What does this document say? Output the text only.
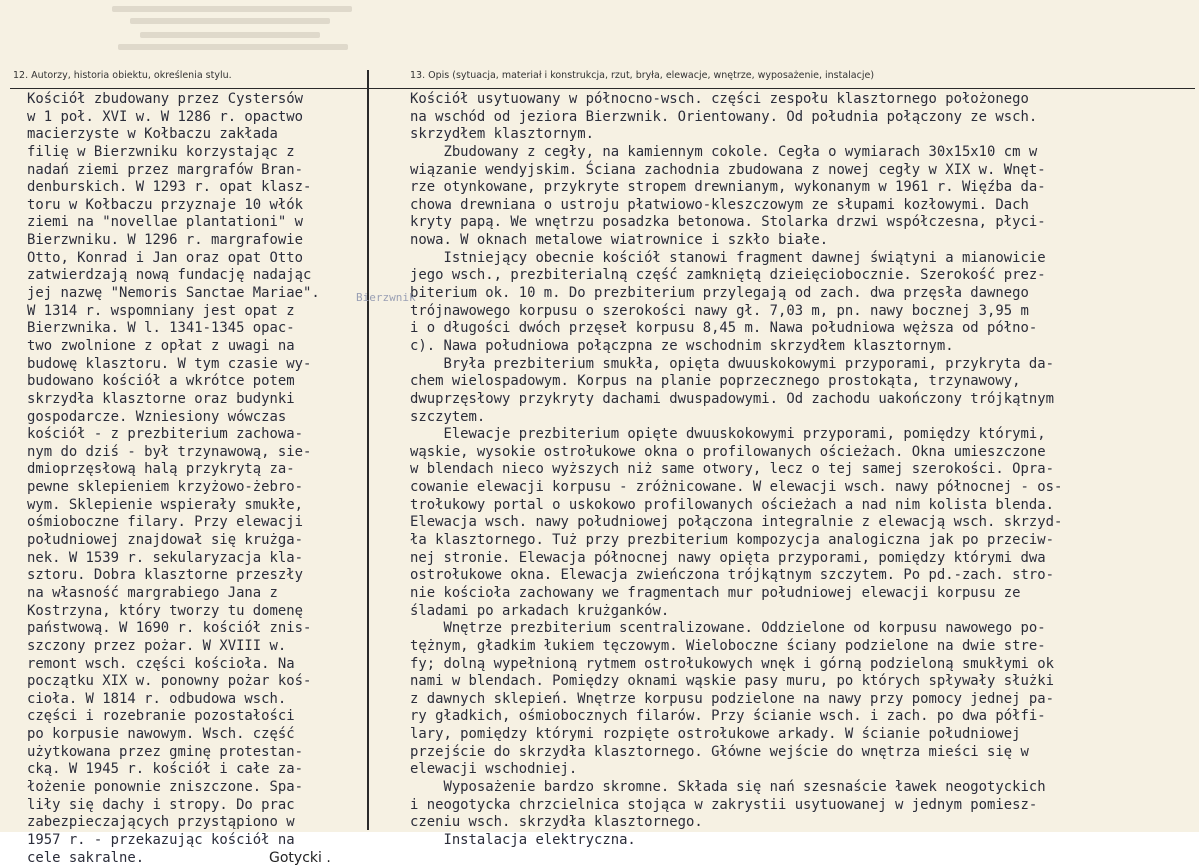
12. Autorzy, historia obiektu, określenia stylu.	13. Opis (sytuacja, materiał i konstrukcja, rzut, bryła, elewacje, wnętrze, wyposażenie, instalacje)
Kościół zbudowany przez Cystersów
w 1 poł. XVI w. W 1286 r. opactwo
macierzyste w Kołbaczu zakłada
filię w Bierzwniku korzystając z
nadań ziemi przez margrafów Bran-
denburskich. W 1293 r. opat klasz-
toru w Kołbaczu przyznaje 10 włók
ziemi na "novellae plantationi" w
Bierzwniku. W 1296 r. margrafowie
Otto, Konrad i Jan oraz opat Otto
zatwierdzają nową fundację nadając
jej nazwę "Nemoris Sanctae Mariae".
W 1314 r. wspomniany jest opat z
Bierzwnika. W l. 1341-1345 opac-
two zwolnione z opłat z uwagi na
budowę klasztoru. W tym czasie wy-
budowano kościół a wkrótce potem
skrzydła klasztorne oraz budynki
gospodarcze. Wzniesiony wówczas
kościół - z prezbiterium zachowa-
nym do dziś - był trzynawową, sie-
dmioprzęsłową halą przykrytą za-
pewne sklepieniem krzyżowo-żebro-
wym. Sklepienie wspierały smukłe,
ośmioboczne filary. Przy elewacji
południowej znajdował się krużga-
nek. W 1539 r. sekularyzacja kla-
sztoru. Dobra klasztorne przeszły
na własność margrabiego Jana z
Kostrzyna, który tworzy tu domenę
państwową. W 1690 r. kościół znis-
szczony przez pożar. W XVIII w.
remont wsch. części kościoła. Na
początku XIX w. ponowny pożar koś-
cioła. W 1814 r. odbudowa wsch.
części i rozebranie pozostałości
po korpusie nawowym. Wsch. część
użytkowana przez gminę protestan-
cką. W 1945 r. kościół i całe za-
łożenie ponownie zniszczone. Spa-
liły się dachy i stropy. Do prac
zabezpieczających przystąpiono w
1957 r. - przekazując kościół na
cele sakralne.	Gotycki .
Kościół usytuowany w północno-wsch. części zespołu klasztornego położonego
na wschód od jeziora Bierzwnik. Orientowany. Od południa połączony ze wsch.
skrzydłem klasztornym.
Zbudowany z cegły, na kamiennym cokole. Cegła o wymiarach 30x15x10 cm w
wiązanie wendyjskim. Ściana zachodnia zbudowana z nowej cegły w XIX w. Wnęt-
rze otynkowane, przykryte stropem drewnianym, wykonanym w 1961 r. Więźba da-
chowa drewniana o ustroju płatwiowo-kleszczowym ze słupami kozłowymi. Dach
kryty papą. We wnętrzu posadzka betonowa. Stolarka drzwi współczesna, płyci-
nowa. W oknach metalowe wiatrownice i szkło białe.
Istniejący obecnie kościół stanowi fragment dawnej świątyni a mianowicie
jego wsch., prezbiterialną część zamkniętą dzieięciobocznie. Szerokość prez-
biterium ok. 10 m. Do prezbiterium przylegają od zach. dwa przęsła dawnego
trójnawowego korpusu o szerokości nawy gł. 7,03 m, pn. nawy bocznej 3,95 m
i o długości dwóch przęseł korpusu 8,45 m. Nawa południowa węższa od półno-
c). Nawa południowa połączpna ze wschodnim skrzydłem klasztornym.
Bryła prezbiterium smukła, opięta dwuuskokowymi przyporami, przykryta da-
chem wielospadowym. Korpus na planie poprzecznego prostokąta, trzynawowy,
dwuprzęsłowy przykryty dachami dwuspadowymi. Od zachodu uakończony trójkątnym
szczytem.
Elewacje prezbiterium opięte dwuuskokowymi przyporami, pomiędzy którymi,
wąskie, wysokie ostrołukowe okna o profilowanych ościeżach. Okna umieszczone
w blendach nieco wyższych niż same otwory, lecz o tej samej szerokości. Opra-
cowanie elewacji korpusu - zróżnicowane. W elewacji wsch. nawy północnej - os-
trołukowy portal o uskokowo profilowanych ościeżach a nad nim kolista blenda.
Elewacja wsch. nawy południowej połączona integralnie z elewacją wsch. skrzyd-
ła klasztornego. Tuż przy prezbiterium kompozycja analogiczna jak po przeciw-
nej stronie. Elewacja północnej nawy opięta przyporami, pomiędzy którymi dwa
ostrołukowe okna. Elewacja zwieńczona trójkątnym szczytem. Po pd.-zach. stro-
nie kościoła zachowany we fragmentach mur południowej elewacji korpusu ze
śladami po arkadach krużganków.
Wnętrze prezbiterium scentralizowane. Oddzielone od korpusu nawowego po-
tężnym, gładkim łukiem tęczowym. Wieloboczne ściany podzielone na dwie stre-
fy; dolną wypełnioną rytmem ostrołukowych wnęk i górną podzieloną smukłymi ok
nami w blendach. Pomiędzy oknami wąskie pasy muru, po których spływały służki
z dawnych sklepień. Wnętrze korpusu podzielone na nawy przy pomocy jednej pa-
ry gładkich, ośmiobocznych filarów. Przy ścianie wsch. i zach. po dwa półfi-
lary, pomiędzy którymi rozpięte ostrołukowe arkady. W ścianie południowej
przejście do skrzydła klasztornego. Główne wejście do wnętrza mieści się w
elewacji wschodniej.
Wyposażenie bardzo skromne. Składa się nań szesnaście ławek neogotyckich
i neogotycka chrzcielnica stojąca w zakrystii usytuowanej w jednym pomiesz-
czeniu wsch. skrzydła klasztornego.
Instalacja elektryczna.
Bierzwnik
